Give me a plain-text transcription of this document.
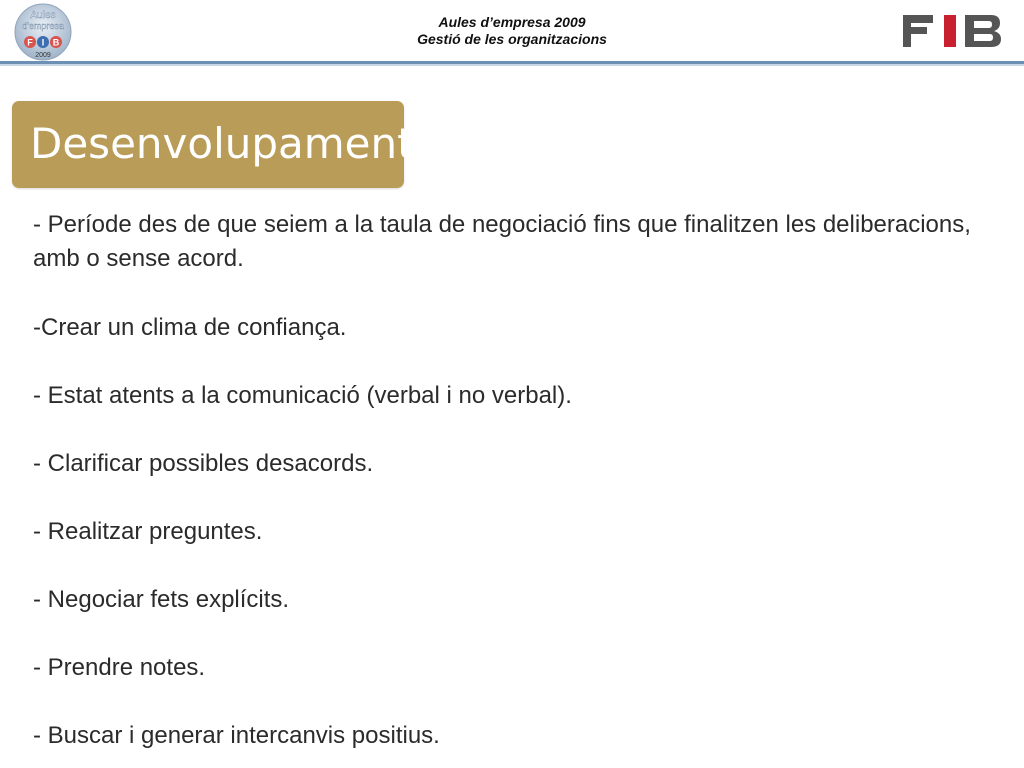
Aules
d'empresa
F I B
2009
Aules d’empresa 2009
Gestió de les organitzacions	FIB
Desenvolupament
- Període des de que seiem a la taula de negociació fins que finalitzen les deliberacions, amb o sense acord.
-Crear un clima de confiança.
- Estat atents a la comunicació (verbal i no verbal).
- Clarificar possibles desacords.
- Realitzar preguntes.
- Negociar fets explícits.
- Prendre notes.
- Buscar i generar intercanvis positius.
